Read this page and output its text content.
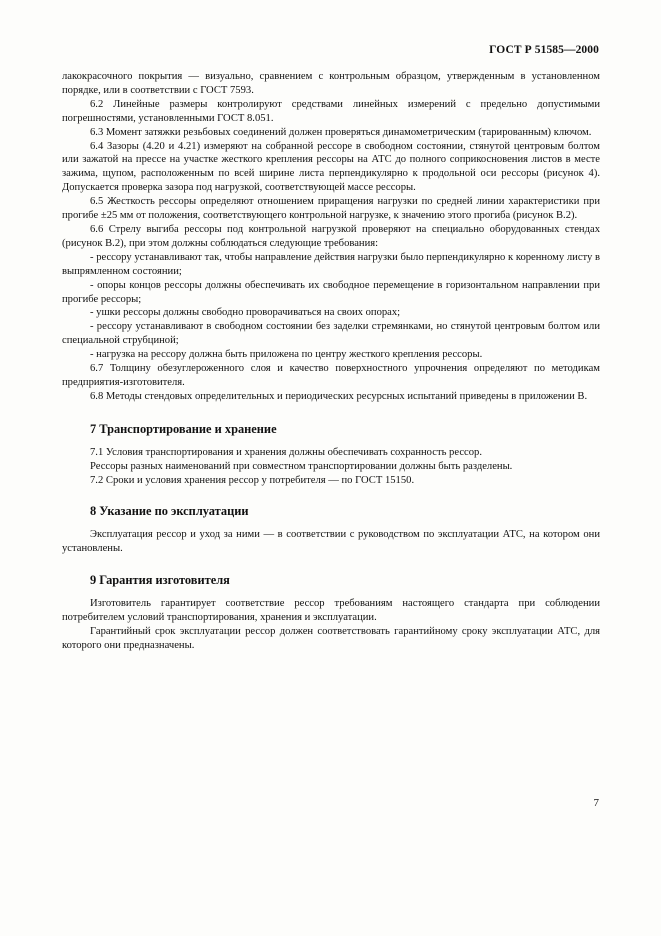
ГОСТ Р 51585—2000

лакокрасочного покрытия — визуально, сравнением с контрольным образцом, утвержденным в установленном порядке, или в соответствии с ГОСТ 7593.

6.2 Линейные размеры контролируют средствами линейных измерений с предельно допустимыми погрешностями, установленными ГОСТ 8.051.

6.3 Момент затяжки резьбовых соединений должен проверяться динамометрическим (тарированным) ключом.

6.4 Зазоры (4.20 и 4.21) измеряют на собранной рессоре в свободном состоянии, стянутой центровым болтом или зажатой на прессе на участке жесткого крепления рессоры на АТС до полного соприкосновения листов в месте зажима, щупом, расположенным по всей ширине листа перпендикулярно к продольной оси рессоры (рисунок 4). Допускается проверка зазора под нагрузкой, соответствующей массе рессоры.

6.5 Жесткость рессоры определяют отношением приращения нагрузки по средней линии характеристики при прогибе ±25 мм от положения, соответствующего контрольной нагрузке, к значению этого прогиба (рисунок В.2).

6.6 Стрелу выгиба рессоры под контрольной нагрузкой проверяют на специально оборудованных стендах (рисунок В.2), при этом должны соблюдаться следующие требования:

- рессору устанавливают так, чтобы направление действия нагрузки было перпендикулярно к коренному листу в выпрямленном состоянии;

- опоры концов рессоры должны обеспечивать их свободное перемещение в горизонтальном направлении при прогибе рессоры;

- ушки рессоры должны свободно проворачиваться на своих опорах;

- рессору устанавливают в свободном состоянии без заделки стремянками, но стянутой центровым болтом или специальной струбциной;

- нагрузка на рессору должна быть приложена по центру жесткого крепления рессоры.

6.7 Толщину обезуглероженного слоя и качество поверхностного упрочнения определяют по методикам предприятия-изготовителя.

6.8 Методы стендовых определительных и периодических ресурсных испытаний приведены в приложении В.

7 Транспортирование и хранение

7.1 Условия транспортирования и хранения должны обеспечивать сохранность рессор.

Рессоры разных наименований при совместном транспортировании должны быть разделены.

7.2 Сроки и условия хранения рессор у потребителя — по ГОСТ 15150.

8 Указание по эксплуатации

Эксплуатация рессор и уход за ними — в соответствии с руководством по эксплуатации АТС, на котором они установлены.

9 Гарантия изготовителя

Изготовитель гарантирует соответствие рессор требованиям настоящего стандарта при соблюдении потребителем условий транспортирования, хранения и эксплуатации.

Гарантийный срок эксплуатации рессор должен соответствовать гарантийному сроку эксплуатации АТС, для которого они предназначены.

7
